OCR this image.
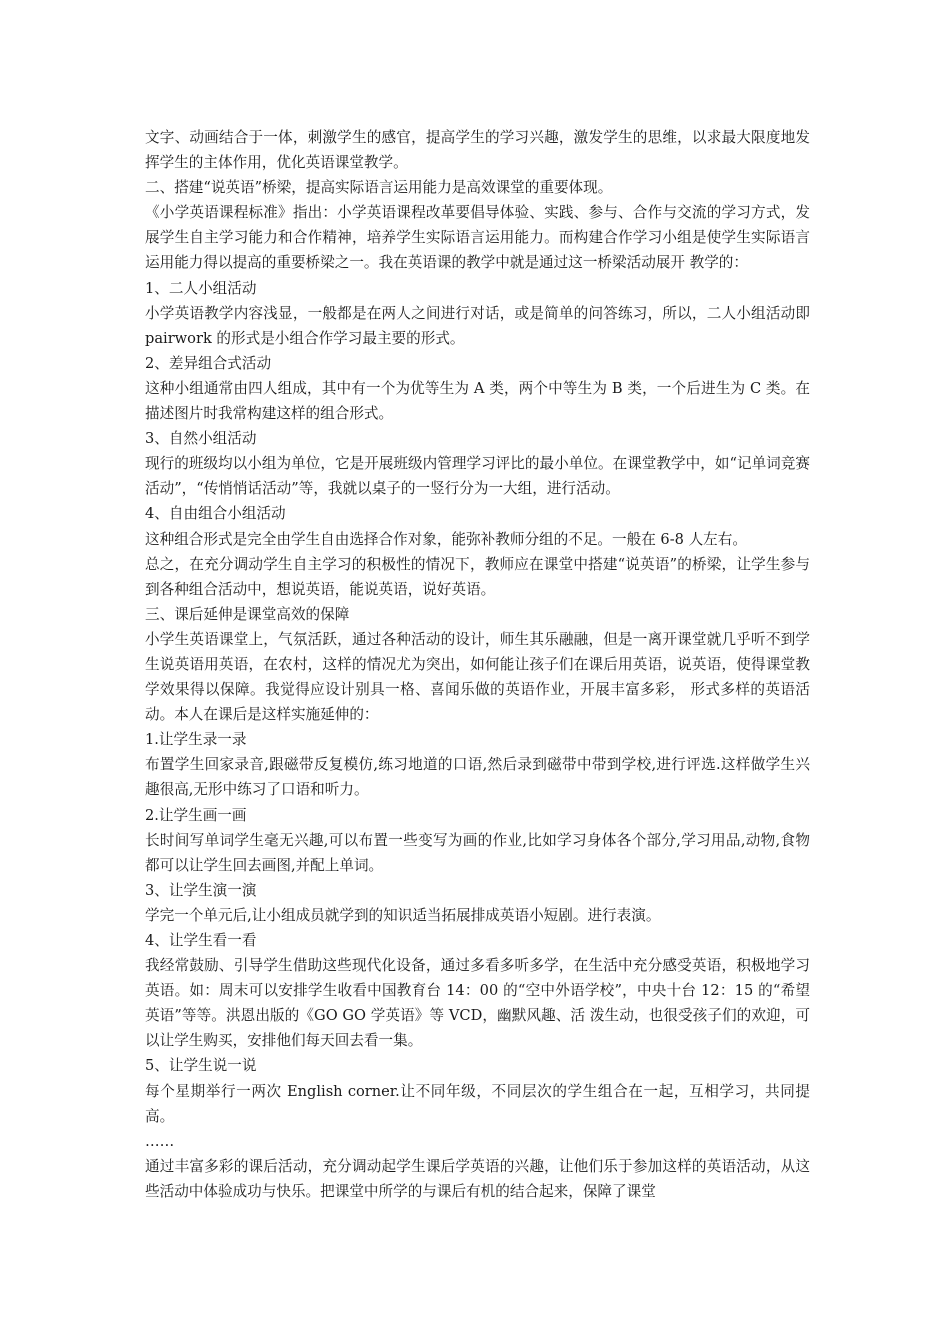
文字、动画结合于一体，刺激学生的感官，提高学生的学习兴趣，激发学生的思维，以求最大限度地发挥学生的主体作用，优化英语课堂教学。

二、搭建“说英语”桥梁，提高实际语言运用能力是高效课堂的重要体现。

《小学英语课程标准》指出：小学英语课程改革要倡导体验、实践、参与、合作与交流的学习方式，发展学生自主学习能力和合作精神，培养学生实际语言运用能力。而构建合作学习小组是使学生实际语言运用能力得以提高的重要桥梁之一。我在英语课的教学中就是通过这一桥梁活动展开 教学的：

1、二人小组活动

小学英语教学内容浅显，一般都是在两人之间进行对话，或是简单的问答练习，所以，二人小组活动即 pairwork 的形式是小组合作学习最主要的形式。

2、差异组合式活动

这种小组通常由四人组成，其中有一个为优等生为 A 类，两个中等生为 B 类，一个后进生为 C 类。在描述图片时我常构建这样的组合形式。

3、自然小组活动

现行的班级均以小组为单位，它是开展班级内管理学习评比的最小单位。在课堂教学中，如“记单词竞赛活动”，“传悄悄话活动”等，我就以桌子的一竖行分为一大组，进行活动。

4、自由组合小组活动

这种组合形式是完全由学生自由选择合作对象，能弥补教师分组的不足。一般在 6-8 人左右。

总之，在充分调动学生自主学习的积极性的情况下，教师应在课堂中搭建“说英语”的桥梁，让学生参与到各种组合活动中，想说英语，能说英语，说好英语。

三、课后延伸是课堂高效的保障

小学生英语课堂上，气氛活跃，通过各种活动的设计，师生其乐融融，但是一离开课堂就几乎听不到学生说英语用英语，在农村，这样的情况尤为突出，如何能让孩子们在课后用英语，说英语，使得课堂教学效果得以保障。我觉得应设计别具一格、喜闻乐做的英语作业，开展丰富多彩， 形式多样的英语活动。本人在课后是这样实施延伸的：

1.让学生录一录

布置学生回家录音,跟磁带反复模仿,练习地道的口语,然后录到磁带中带到学校,进行评选.这样做学生兴趣很高,无形中练习了口语和听力。

2.让学生画一画

长时间写单词学生毫无兴趣,可以布置一些变写为画的作业,比如学习身体各个部分,学习用品,动物,食物都可以让学生回去画图,并配上单词。

3、让学生演一演

学完一个单元后,让小组成员就学到的知识适当拓展排成英语小短剧。进行表演。

4、让学生看一看

我经常鼓励、引导学生借助这些现代化设备，通过多看多听多学，在生活中充分感受英语，积极地学习英语。如：周末可以安排学生收看中国教育台 14：00 的“空中外语学校”，中央十台 12：15 的“希望英语”等等。洪恩出版的《GO GO 学英语》等 VCD，幽默风趣、活 泼生动，也很受孩子们的欢迎，可以让学生购买，安排他们每天回去看一集。

5、让学生说一说

每个星期举行一两次 English corner.让不同年级，不同层次的学生组合在一起，互相学习，共同提高。

……

通过丰富多彩的课后活动，充分调动起学生课后学英语的兴趣，让他们乐于参加这样的英语活动，从这些活动中体验成功与快乐。把课堂中所学的与课后有机的结合起来，保障了课堂
